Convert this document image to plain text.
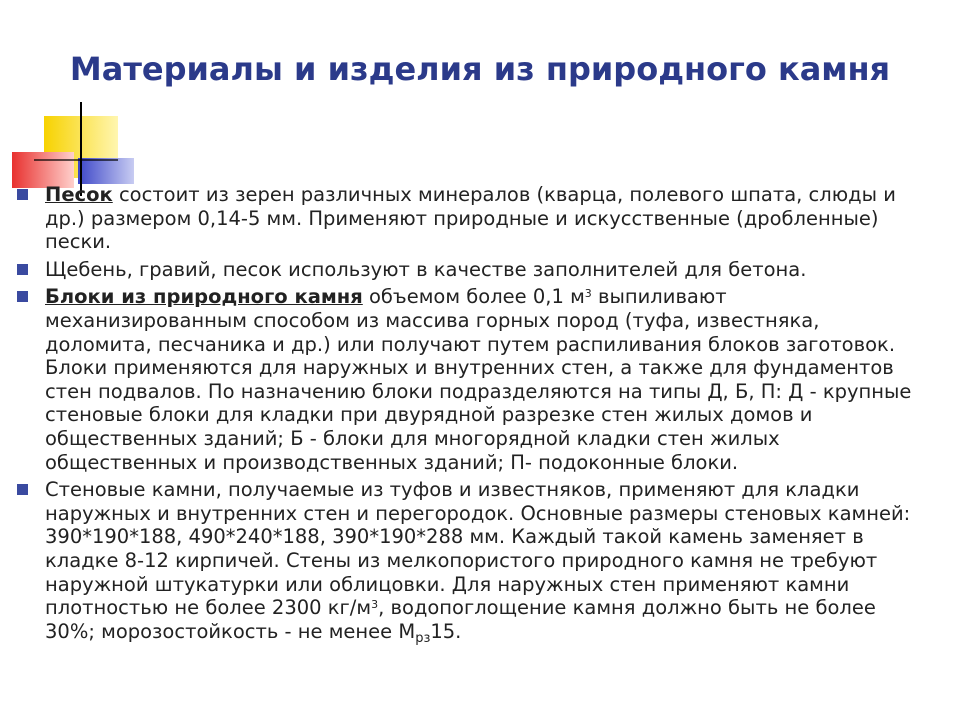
Материалы и изделия из природного камня
Песок состоит из зерен различных минералов (кварца, полевого шпата, слюды и др.) размером 0,14-5 мм. Применяют природные и искусственные (дробленные) пески.
Щебень, гравий, песок используют в качестве заполнителей для бетона.
Блоки из природного камня объемом более 0,1 $м^3$ выпиливают механизированным способом из массива горных пород (туфа, известняка, доломита, песчаника и др.) или получают путем распиливания блоков заготовок. Блоки применяются для наружных и внутренних стен, а также для фундаментов стен подвалов. По назначению блоки подразделяются на типы Д, Б, П: Д - крупные стеновые блоки для кладки при двурядной разрезке стен жилых домов и общественных зданий; Б - блоки для многорядной кладки стен жилых общественных и производственных зданий; П- подоконные блоки.
Стеновые камни, получаемые из туфов и известняков, применяют для кладки наружных и внутренних стен и перегородок. Основные размеры стеновых камней: 390*190*188, 490*240*188, 390*190*288 мм. Каждый такой камень заменяет в кладке 8-12 кирпичей. Стены из мелкопористого природного камня не требуют наружной штукатурки или облицовки. Для наружных стен применяют камни плотностью не более 2300 $кг/м^3$, водопоглощение камня должно быть не более 30%; морозостойкость - не менее $М_{рз}15$.
